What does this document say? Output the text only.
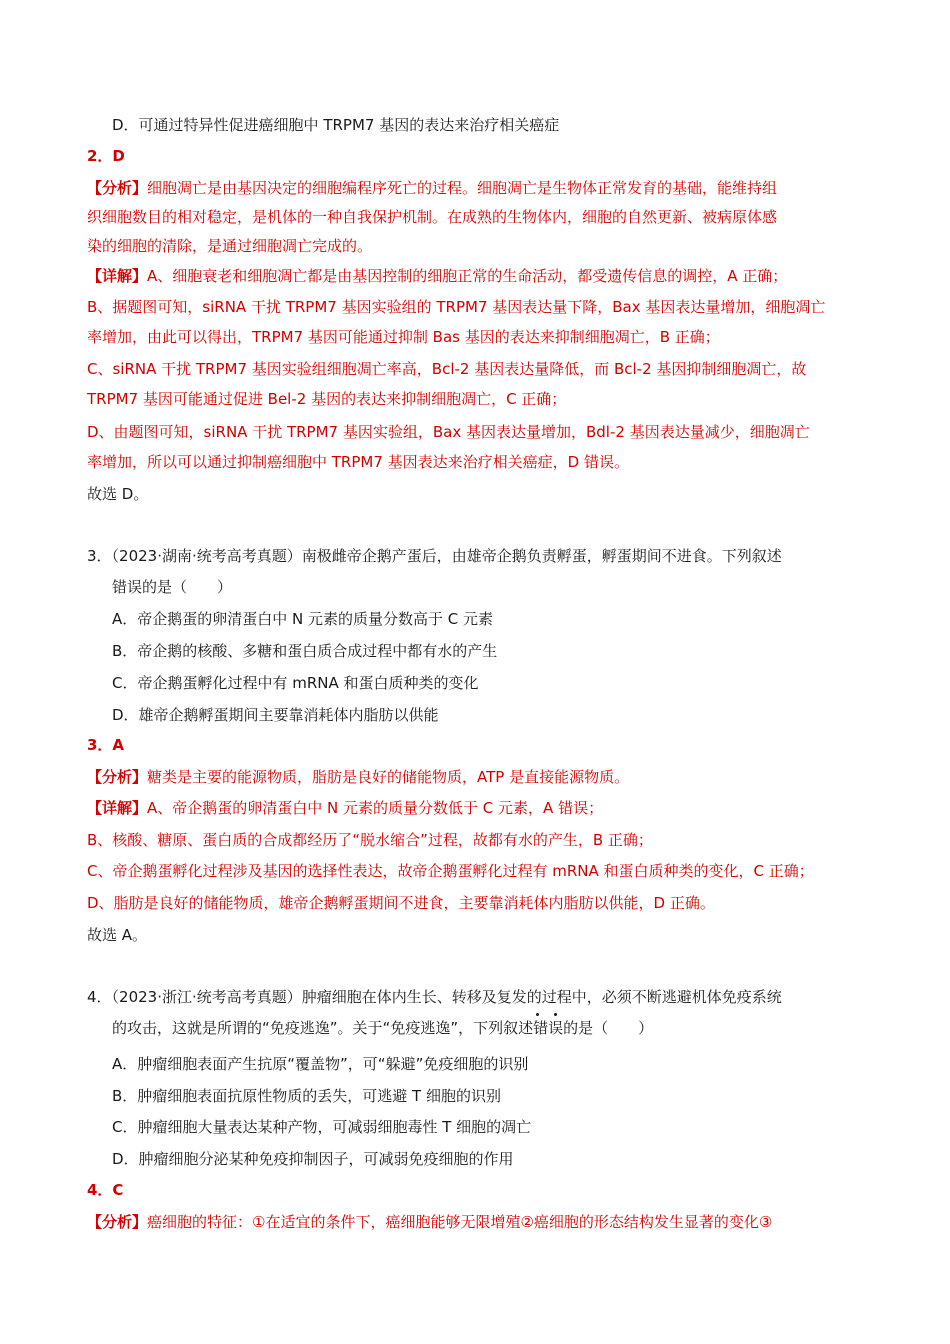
D．可通过特异性促进癌细胞中 TRPM7 基因的表达来治疗相关癌症
2．D
【分析】细胞凋亡是由基因决定的细胞编程序死亡的过程。细胞凋亡是生物体正常发育的基础，能维持组
织细胞数目的相对稳定，是机体的一种自我保护机制。在成熟的生物体内，细胞的自然更新、被病原体感
染的细胞的清除，是通过细胞凋亡完成的。
【详解】A、细胞衰老和细胞凋亡都是由基因控制的细胞正常的生命活动，都受遗传信息的调控，A 正确；
B、据题图可知，siRNA 干扰 TRPM7 基因实验组的 TRPM7 基因表达量下降，Bax 基因表达量增加，细胞凋亡
率增加，由此可以得出，TRPM7 基因可能通过抑制 Bas 基因的表达来抑制细胞凋亡，B 正确；
C、siRNA 干扰 TRPM7 基因实验组细胞凋亡率高，Bcl-2 基因表达量降低，而 Bcl-2 基因抑制细胞凋亡，故
TRPM7 基因可能通过促进 Bel-2 基因的表达来抑制细胞凋亡，C 正确；
D、由题图可知，siRNA 干扰 TRPM7 基因实验组，Bax 基因表达量增加，Bdl-2 基因表达量减少，细胞凋亡
率增加，所以可以通过抑制癌细胞中 TRPM7 基因表达来治疗相关癌症，D 错误。
故选 D。
3．（2023·湖南·统考高考真题）南极雌帝企鹅产蛋后，由雄帝企鹅负责孵蛋，孵蛋期间不进食。下列叙述
错误的是（　　）
A．帝企鹅蛋的卵清蛋白中 N 元素的质量分数高于 C 元素
B．帝企鹅的核酸、多糖和蛋白质合成过程中都有水的产生
C．帝企鹅蛋孵化过程中有 mRNA 和蛋白质种类的变化
D．雄帝企鹅孵蛋期间主要靠消耗体内脂肪以供能
3．A
【分析】糖类是主要的能源物质，脂肪是良好的储能物质，ATP 是直接能源物质。
【详解】A、帝企鹅蛋的卵清蛋白中 N 元素的质量分数低于 C 元素，A 错误；
B、核酸、糖原、蛋白质的合成都经历了“脱水缩合”过程，故都有水的产生，B 正确；
C、帝企鹅蛋孵化过程涉及基因的选择性表达，故帝企鹅蛋孵化过程有 mRNA 和蛋白质种类的变化，C 正确；
D、脂肪是良好的储能物质，雄帝企鹅孵蛋期间不进食，主要靠消耗体内脂肪以供能，D 正确。
故选 A。
4．（2023·浙江·统考高考真题）肿瘤细胞在体内生长、转移及复发的过程中，必须不断逃避机体免疫系统
的攻击，这就是所谓的“免疫逃逸”。关于“免疫逃逸”，下列叙述错误的是（　　）
A．肿瘤细胞表面产生抗原“覆盖物”，可“躲避”免疫细胞的识别
B．肿瘤细胞表面抗原性物质的丢失，可逃避 T 细胞的识别
C．肿瘤细胞大量表达某种产物，可减弱细胞毒性 T 细胞的凋亡
D．肿瘤细胞分泌某种免疫抑制因子，可减弱免疫细胞的作用
4．C
【分析】癌细胞的特征：①在适宜的条件下，癌细胞能够无限增殖②癌细胞的形态结构发生显著的变化③
